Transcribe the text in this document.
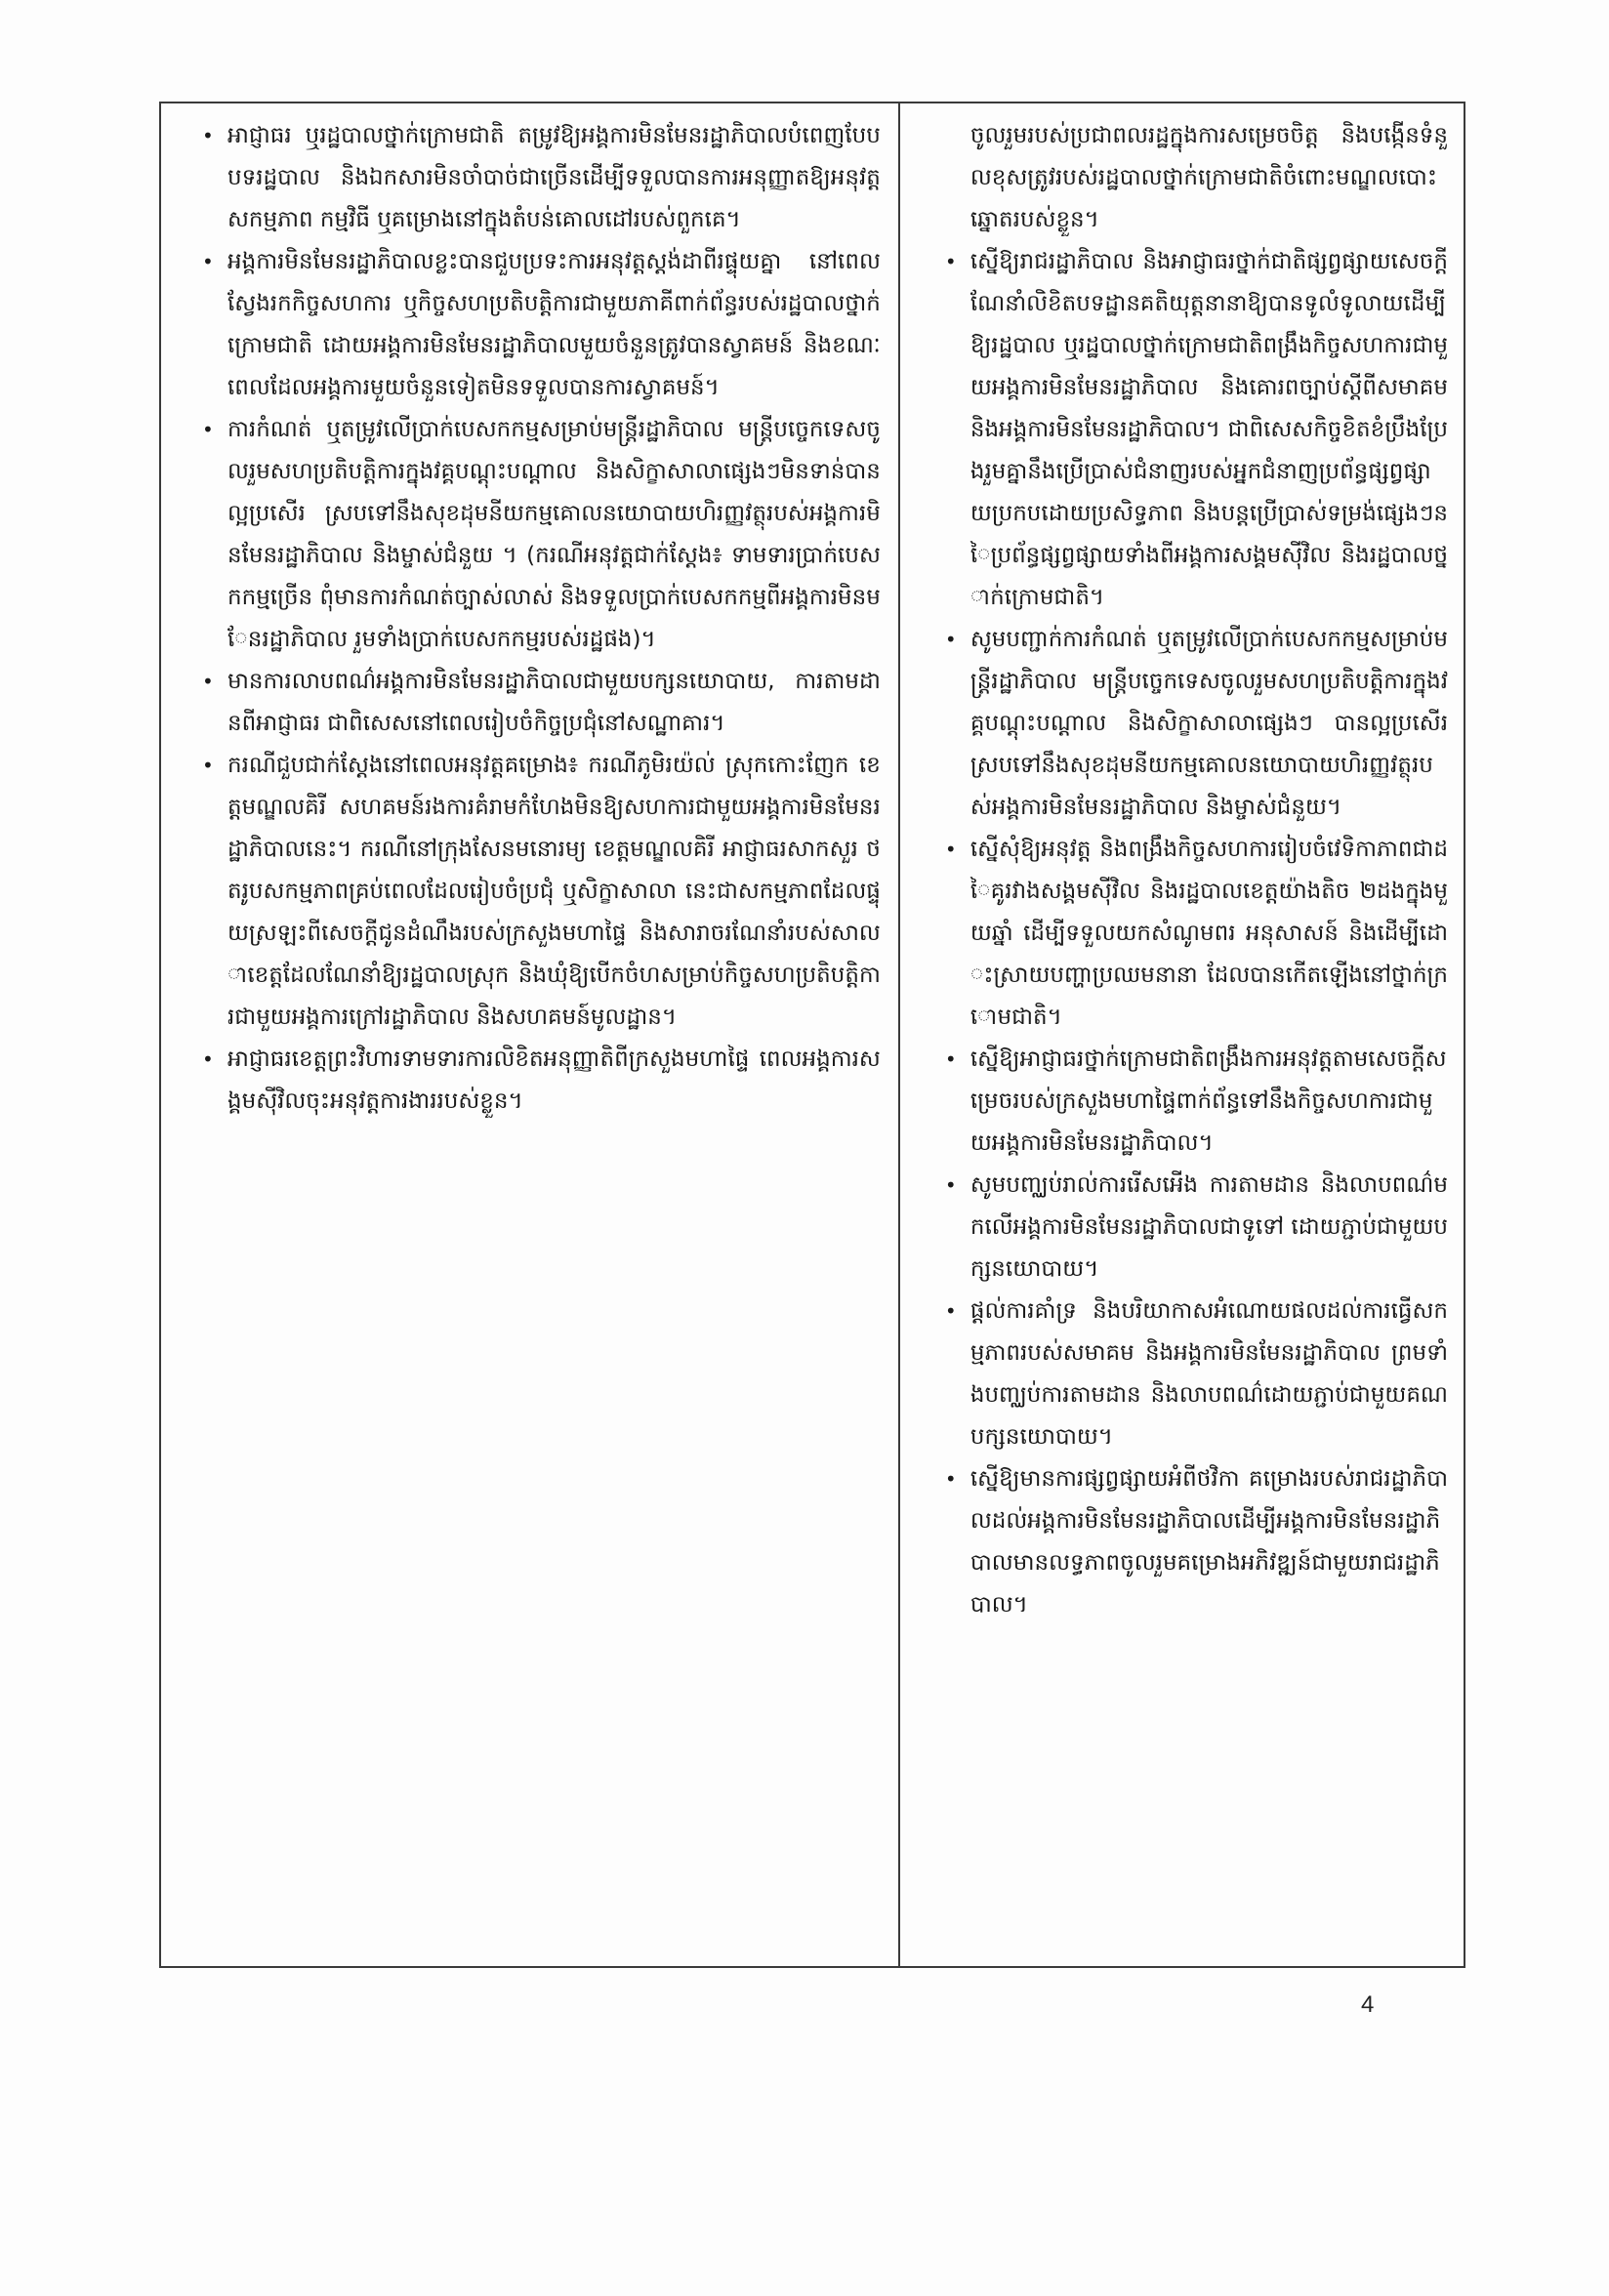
• អាជ្ញាធរ ឬរដ្ឋបាលថ្នាក់ក្រោមជាតិ តម្រូវឱ្យអង្គការមិនមែនរដ្ឋាភិបាលបំពេញបែបបទរដ្ឋបាល និងឯកសារមិនចាំបាច់ជាច្រើនដើម្បីទទួលបានការអនុញ្ញាតឱ្យអនុវត្តសកម្មភាព កម្មវិធី ឬគម្រោងនៅក្នុងតំបន់គោលដៅរបស់ពួកគេ។
• អង្គការមិនមែនរដ្ឋាភិបាលខ្លះបានជួបប្រទះការអនុវត្តស្តង់ដាពីរផ្ទុយគ្នា នៅពេលស្វែងរកកិច្ចសហការ ឬកិច្ចសហប្រតិបត្តិការជាមួយភាគីពាក់ព័ន្ធរបស់រដ្ឋបាលថ្នាក់ក្រោមជាតិ ដោយអង្គការមិនមែនរដ្ឋាភិបាលមួយចំនួនត្រូវបានស្វាគមន៍ និងខណៈពេលដែលអង្គការមួយចំនួនទៀតមិនទទួលបានការស្វាគមន៍។
• ការកំណត់ ឬតម្រូវលើប្រាក់បេសកកម្មសម្រាប់មន្ត្រីរដ្ឋាភិបាល មន្ត្រីបច្ចេកទេសចូលរួមសហប្រតិបត្តិការក្នុងវគ្គបណ្តុះបណ្តាល និងសិក្ខាសាលាផ្សេងៗមិនទាន់បានល្អប្រសើរ ស្របទៅនឹងសុខដុមនីយកម្មគោលនយោបាយហិរញ្ញវត្ថុរបស់អង្គការមិនមែនរដ្ឋាភិបាល និងម្ចាស់ជំនួយ ។ (ករណីអនុវត្តជាក់ស្តែង៖ ទាមទារប្រាក់បេសកកម្មច្រើន ពុំមានការកំណត់ច្បាស់លាស់ និងទទួលប្រាក់បេសកកម្មពីអង្គការមិនមែនរដ្ឋាភិបាល រួមទាំងប្រាក់បេសកកម្មរបស់រដ្ឋផង)។
• មានការលាបពណ៌អង្គការមិនមែនរដ្ឋាភិបាលជាមួយបក្សនយោបាយ, ការតាមដានពីអាជ្ញាធរ ជាពិសេសនៅពេលរៀបចំកិច្ចប្រជុំនៅសណ្ឋាគារ។
• ករណីជួបជាក់ស្តែងនៅពេលអនុវត្តគម្រោង៖ ករណីភូមិរយ៉ល់ ស្រុកកោះញែក ខេត្តមណ្ឌលគិរី សហគមន៍រងការគំរាមកំហែងមិនឱ្យសហការជាមួយអង្គការមិនមែនរដ្ឋាភិបាលនេះ។ ករណីនៅក្រុងសែនមនោរម្យ ខេត្តមណ្ឌលគិរី អាជ្ញាធរសាកសួរ ថតរូបសកម្មភាពគ្រប់ពេលដែលរៀបចំប្រជុំ ឬសិក្ខាសាលា នេះជាសកម្មភាពដែលផ្ទុយស្រឡះពីសេចក្តីជូនដំណឹងរបស់ក្រសួងមហាផ្ទៃ និងសារាចរណែនាំរបស់សាលាខេត្តដែលណែនាំឱ្យរដ្ឋបាលស្រុក និងឃុំឱ្យបើកចំហសម្រាប់កិច្ចសហប្រតិបត្តិការជាមួយអង្គការក្រៅរដ្ឋាភិបាល និងសហគមន៍មូលដ្ឋាន។
• អាជ្ញាធរខេត្តព្រះវិហារទាមទារការលិខិតអនុញ្ញាតិពីក្រសួងមហាផ្ទៃ ពេលអង្គការសង្គមស៊ីវិលចុះអនុវត្តការងាររបស់ខ្លួន។

ចូលរួមរបស់ប្រជាពលរដ្ឋក្នុងការសម្រេចចិត្ត និងបង្កើនទំនួលខុសត្រូវរបស់រដ្ឋបាលថ្នាក់ក្រោមជាតិចំពោះមណ្ឌលបោះឆ្នោតរបស់ខ្លួន។

• ស្នើឱ្យរាជរដ្ឋាភិបាល និងអាជ្ញាធរថ្នាក់ជាតិផ្សព្វផ្សាយសេចក្តីណែនាំលិខិតបទដ្ឋានគតិយុត្តនានាឱ្យបានទូលំទូលាយដើម្បីឱ្យរដ្ឋបាល ឬរដ្ឋបាលថ្នាក់ក្រោមជាតិពង្រឹងកិច្ចសហការជាមួយអង្គការមិនមែនរដ្ឋាភិបាល និងគោរពច្បាប់ស្តីពីសមាគម និងអង្គការមិនមែនរដ្ឋាភិបាល។ ជាពិសេសកិច្ចខិតខំប្រឹងប្រែងរួមគ្នានឹងប្រើប្រាស់ជំនាញរបស់អ្នកជំនាញប្រព័ន្ធផ្សព្វផ្សាយប្រកបដោយប្រសិទ្ធភាព និងបន្តប្រើប្រាស់ទម្រង់ផ្សេងៗនៃប្រព័ន្ធផ្សព្វផ្សាយទាំងពីអង្គការសង្គមស៊ីវិល និងរដ្ឋបាលថ្នាក់ក្រោមជាតិ។
• សូមបញ្ជាក់ការកំណត់ ឬតម្រូវលើប្រាក់បេសកកម្មសម្រាប់មន្ត្រីរដ្ឋាភិបាល មន្ត្រីបច្ចេកទេសចូលរួមសហប្រតិបត្តិការក្នុងវគ្គបណ្តុះបណ្តាល និងសិក្ខាសាលាផ្សេងៗ បានល្អប្រសើរ ស្របទៅនឹងសុខដុមនីយកម្មគោលនយោបាយហិរញ្ញវត្ថុរបស់អង្គការមិនមែនរដ្ឋាភិបាល និងម្ចាស់ជំនួយ។
• ស្នើសុំឱ្យអនុវត្ត និងពង្រឹងកិច្ចសហការរៀបចំវេទិកាភាពជាដៃគូរវាងសង្គមស៊ីវិល និងរដ្ឋបាលខេត្តយ៉ាងតិច ២ដងក្នុងមួយឆ្នាំ ដើម្បីទទួលយកសំណូមពរ អនុសាសន៍ និងដើម្បីដោះស្រាយបញ្ហាប្រឈមនានា ដែលបានកើតឡើងនៅថ្នាក់ក្រោមជាតិ។
• ស្នើឱ្យអាជ្ញាធរថ្នាក់ក្រោមជាតិពង្រឹងការអនុវត្តតាមសេចក្តីសម្រេចរបស់ក្រសួងមហាផ្ទៃពាក់ព័ន្ធទៅនឹងកិច្ចសហការជាមួយអង្គការមិនមែនរដ្ឋាភិបាល។
• សូមបញ្ឈប់រាល់ការរើសអើង ការតាមដាន និងលាបពណ៌មកលើអង្គការមិនមែនរដ្ឋាភិបាលជាទូទៅ ដោយភ្ជាប់ជាមួយបក្សនយោបាយ។
• ផ្តល់ការគាំទ្រ និងបរិយាកាសអំណោយផលដល់ការធ្វើសកម្មភាពរបស់សមាគម និងអង្គការមិនមែនរដ្ឋាភិបាល ព្រមទាំងបញ្ឈប់ការតាមដាន និងលាបពណ៌ដោយភ្ជាប់ជាមួយគណបក្សនយោបាយ។
• ស្នើឱ្យមានការផ្សព្វផ្សាយអំពីថវិកា គម្រោងរបស់រាជរដ្ឋាភិបាលដល់អង្គការមិនមែនរដ្ឋាភិបាលដើម្បីអង្គការមិនមែនរដ្ឋាភិបាលមានលទ្ធភាពចូលរួមគម្រោងអភិវឌ្ឍន៍ជាមួយរាជរដ្ឋាភិបាល។
4
